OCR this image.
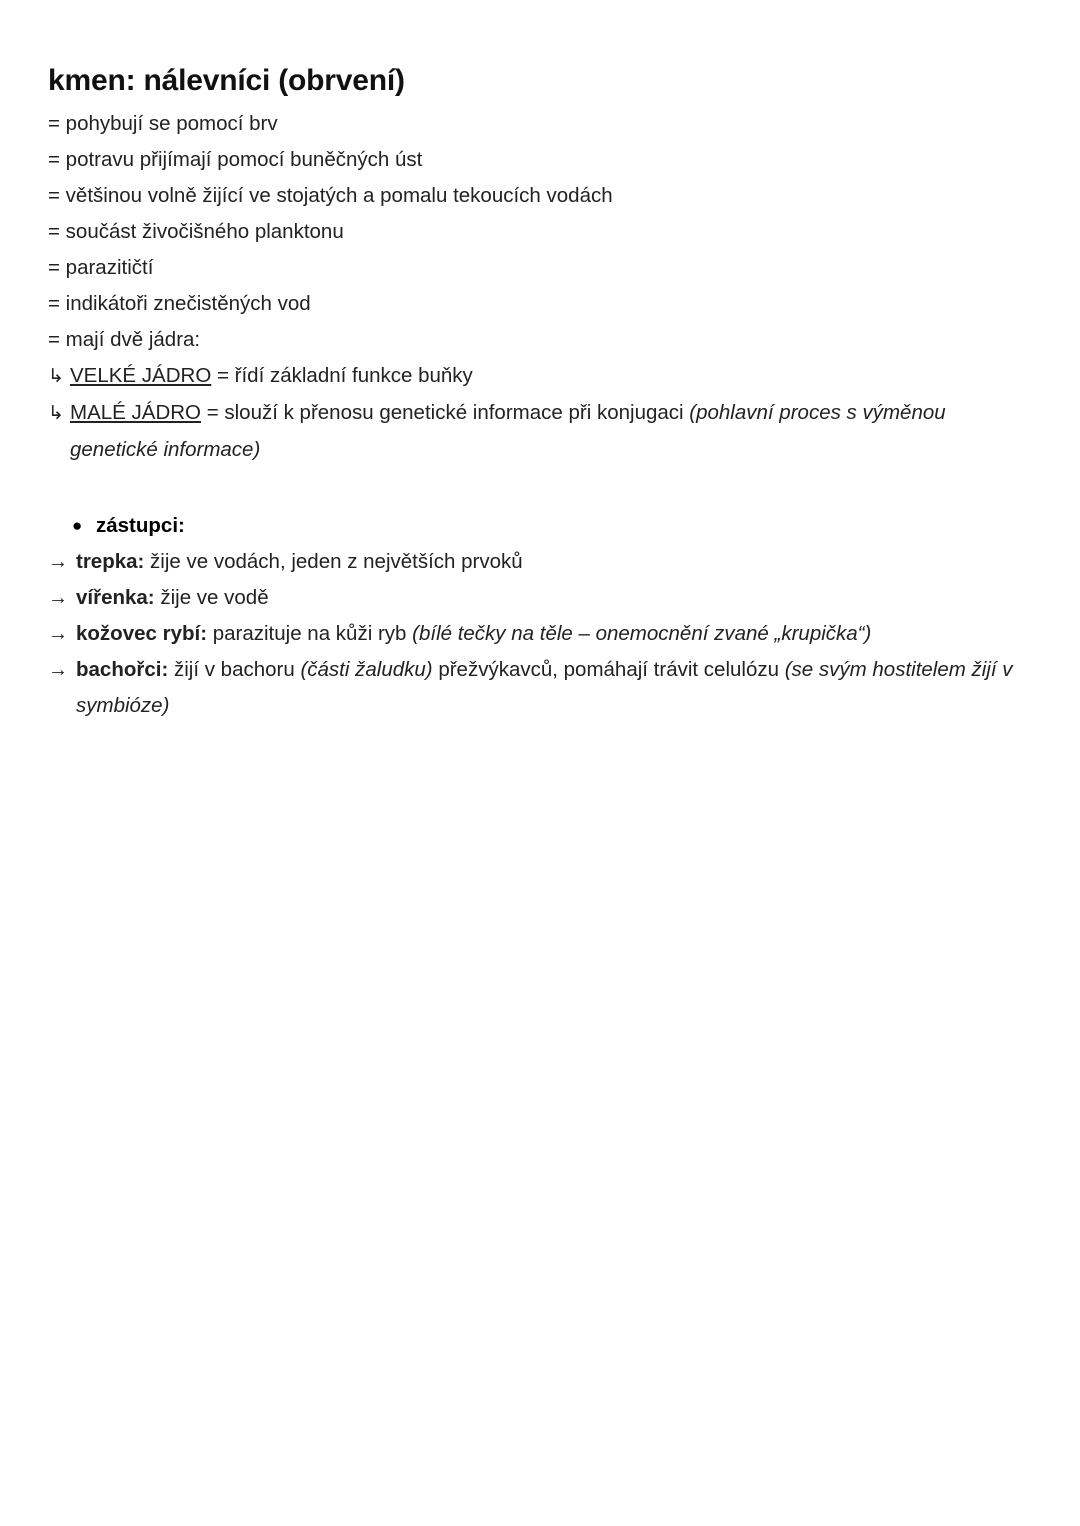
kmen: nálevníci (obrvení)
= pohybují se pomocí brv
= potravu přijímají pomocí buněčných úst
= většinou volně žijící ve stojatých a pomalu tekoucích vodách
= součást živočišného planktonu
= parazitičtí
= indikátoři znečistěných vod
= mají dvě jádra:
↳ VELKÉ JÁDRO = řídí základní funkce buňky
↳ MALÉ JÁDRO = slouží k přenosu genetické informace při konjugaci (pohlavní proces s výměnou genetické informace)
● zástupci:
→ trepka: žije ve vodách, jeden z největších prvoků
→ vířenka: žije ve vodě
→ kožovec rybí: parazituje na kůži ryb (bílé tečky na těle – onemocnění zvané „krupička“)
→ bachořci: žijí v bachoru (části žaludku) přežvýkavců, pomáhají trávit celulózu (se svým hostitelem žijí v symbióze)
